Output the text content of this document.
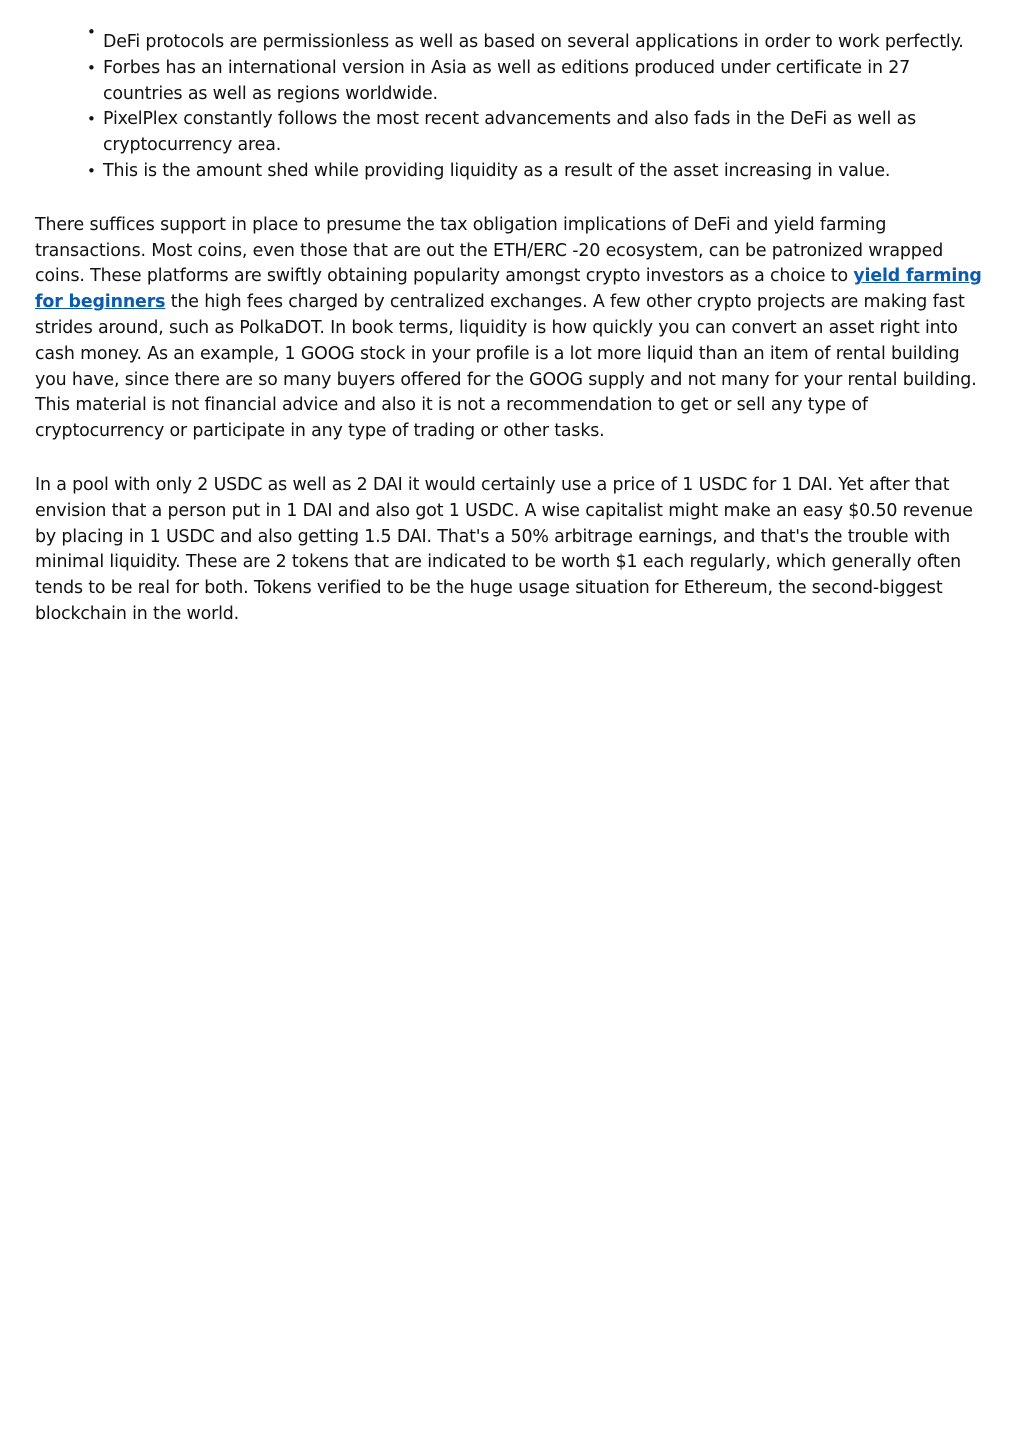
• DeFi protocols are permissionless as well as based on several applications in order to work perfectly.
• Forbes has an international version in Asia as well as editions produced under certificate in 27 countries as well as regions worldwide.
• PixelPlex constantly follows the most recent advancements and also fads in the DeFi as well as cryptocurrency area.
• This is the amount shed while providing liquidity as a result of the asset increasing in value.

There suffices support in place to presume the tax obligation implications of DeFi and yield farming transactions. Most coins, even those that are out the ETH/ERC -20 ecosystem, can be patronized wrapped coins. These platforms are swiftly obtaining popularity amongst crypto investors as a choice to yield farming for beginners the high fees charged by centralized exchanges. A few other crypto projects are making fast strides around, such as PolkaDOT. In book terms, liquidity is how quickly you can convert an asset right into cash money. As an example, 1 GOOG stock in your profile is a lot more liquid than an item of rental building you have, since there are so many buyers offered for the GOOG supply and not many for your rental building. This material is not financial advice and also it is not a recommendation to get or sell any type of cryptocurrency or participate in any type of trading or other tasks.

In a pool with only 2 USDC as well as 2 DAI it would certainly use a price of 1 USDC for 1 DAI. Yet after that envision that a person put in 1 DAI and also got 1 USDC. A wise capitalist might make an easy $0.50 revenue by placing in 1 USDC and also getting 1.5 DAI. That's a 50% arbitrage earnings, and that's the trouble with minimal liquidity. These are 2 tokens that are indicated to be worth $1 each regularly, which generally often tends to be real for both. Tokens verified to be the huge usage situation for Ethereum, the second-biggest blockchain in the world.
